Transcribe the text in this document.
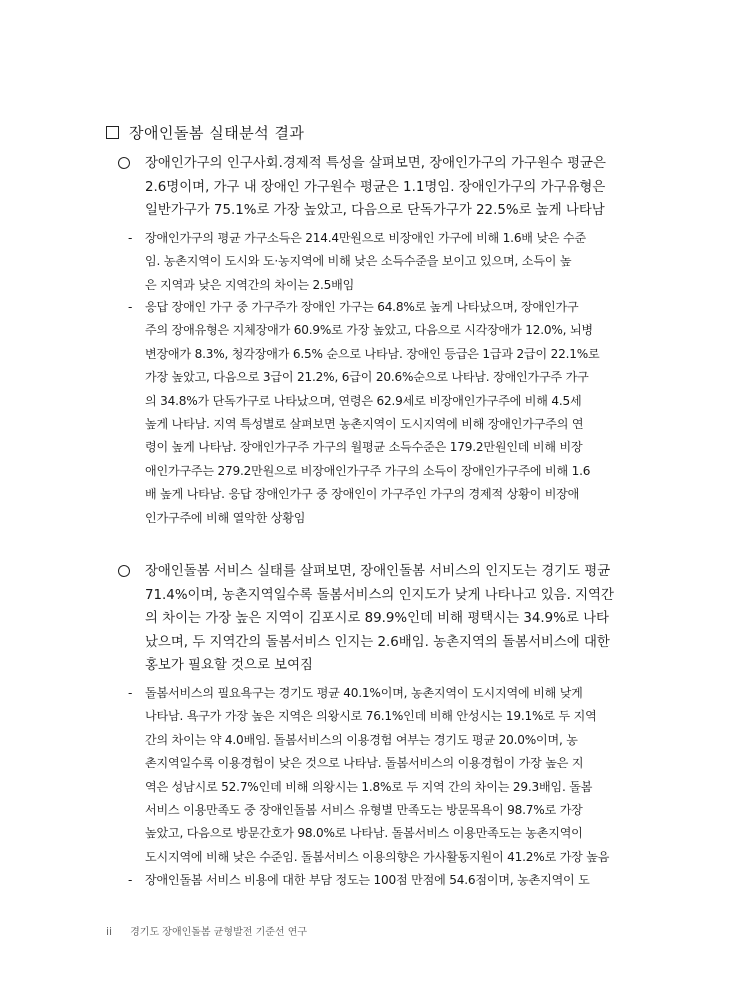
장애인돌봄 실태분석 결과
장애인가구의 인구사회.경제적 특성을 살펴보면, 장애인가구의 가구원수 평균은
2.6명이며, 가구 내 장애인 가구원수 평균은 1.1명임. 장애인가구의 가구유형은
일반가구가 75.1%로 가장 높았고, 다음으로 단독가구가 22.5%로 높게 나타남
- 장애인가구의 평균 가구소득은 214.4만원으로 비장애인 가구에 비해 1.6배 낮은 수준
임. 농촌지역이 도시와 도·농지역에 비해 낮은 소득수준을 보이고 있으며, 소득이 높
은 지역과 낮은 지역간의 차이는 2.5배임
- 응답 장애인 가구 중 가구주가 장애인 가구는 64.8%로 높게 나타났으며, 장애인가구
주의 장애유형은 지체장애가 60.9%로 가장 높았고, 다음으로 시각장애가 12.0%, 뇌병
변장애가 8.3%, 청각장애가 6.5% 순으로 나타남. 장애인 등급은 1급과 2급이 22.1%로
가장 높았고, 다음으로 3급이 21.2%, 6급이 20.6%순으로 나타남. 장애인가구주 가구
의 34.8%가 단독가구로 나타났으며, 연령은 62.9세로 비장애인가구주에 비해 4.5세
높게 나타남. 지역 특성별로 살펴보면 농촌지역이 도시지역에 비해 장애인가구주의 연
령이 높게 나타남. 장애인가구주 가구의 월평균 소득수준은 179.2만원인데 비해 비장
애인가구주는 279.2만원으로 비장애인가구주 가구의 소득이 장애인가구주에 비해 1.6
배 높게 나타남. 응답 장애인가구 중 장애인이 가구주인 가구의 경제적 상황이 비장애
인가구주에 비해 열악한 상황임
장애인돌봄 서비스 실태를 살펴보면, 장애인돌봄 서비스의 인지도는 경기도 평균
71.4%이며, 농촌지역일수록 돌봄서비스의 인지도가 낮게 나타나고 있음. 지역간
의 차이는 가장 높은 지역이 김포시로 89.9%인데 비해 평택시는 34.9%로 나타
났으며, 두 지역간의 돌봄서비스 인지는 2.6배임. 농촌지역의 돌봄서비스에 대한
홍보가 필요할 것으로 보여짐
- 돌봄서비스의 필요욕구는 경기도 평균 40.1%이며, 농촌지역이 도시지역에 비해 낮게
나타남. 욕구가 가장 높은 지역은 의왕시로 76.1%인데 비해 안성시는 19.1%로 두 지역
간의 차이는 약 4.0배임. 돌봄서비스의 이용경험 여부는 경기도 평균 20.0%이며, 농
촌지역일수록 이용경험이 낮은 것으로 나타남. 돌봄서비스의 이용경험이 가장 높은 지
역은 성남시로 52.7%인데 비해 의왕시는 1.8%로 두 지역 간의 차이는 29.3배임. 돌봄
서비스 이용만족도 중 장애인돌봄 서비스 유형별 만족도는 방문목욕이 98.7%로 가장
높았고, 다음으로 방문간호가 98.0%로 나타남. 돌봄서비스 이용만족도는 농촌지역이
도시지역에 비해 낮은 수준임. 돌봄서비스 이용의향은 가사활동지원이 41.2%로 가장 높음
- 장애인돌봄 서비스 비용에 대한 부담 정도는 100점 만점에 54.6점이며, 농촌지역이 도
ii 경기도 장애인돌봄 균형발전 기준선 연구
